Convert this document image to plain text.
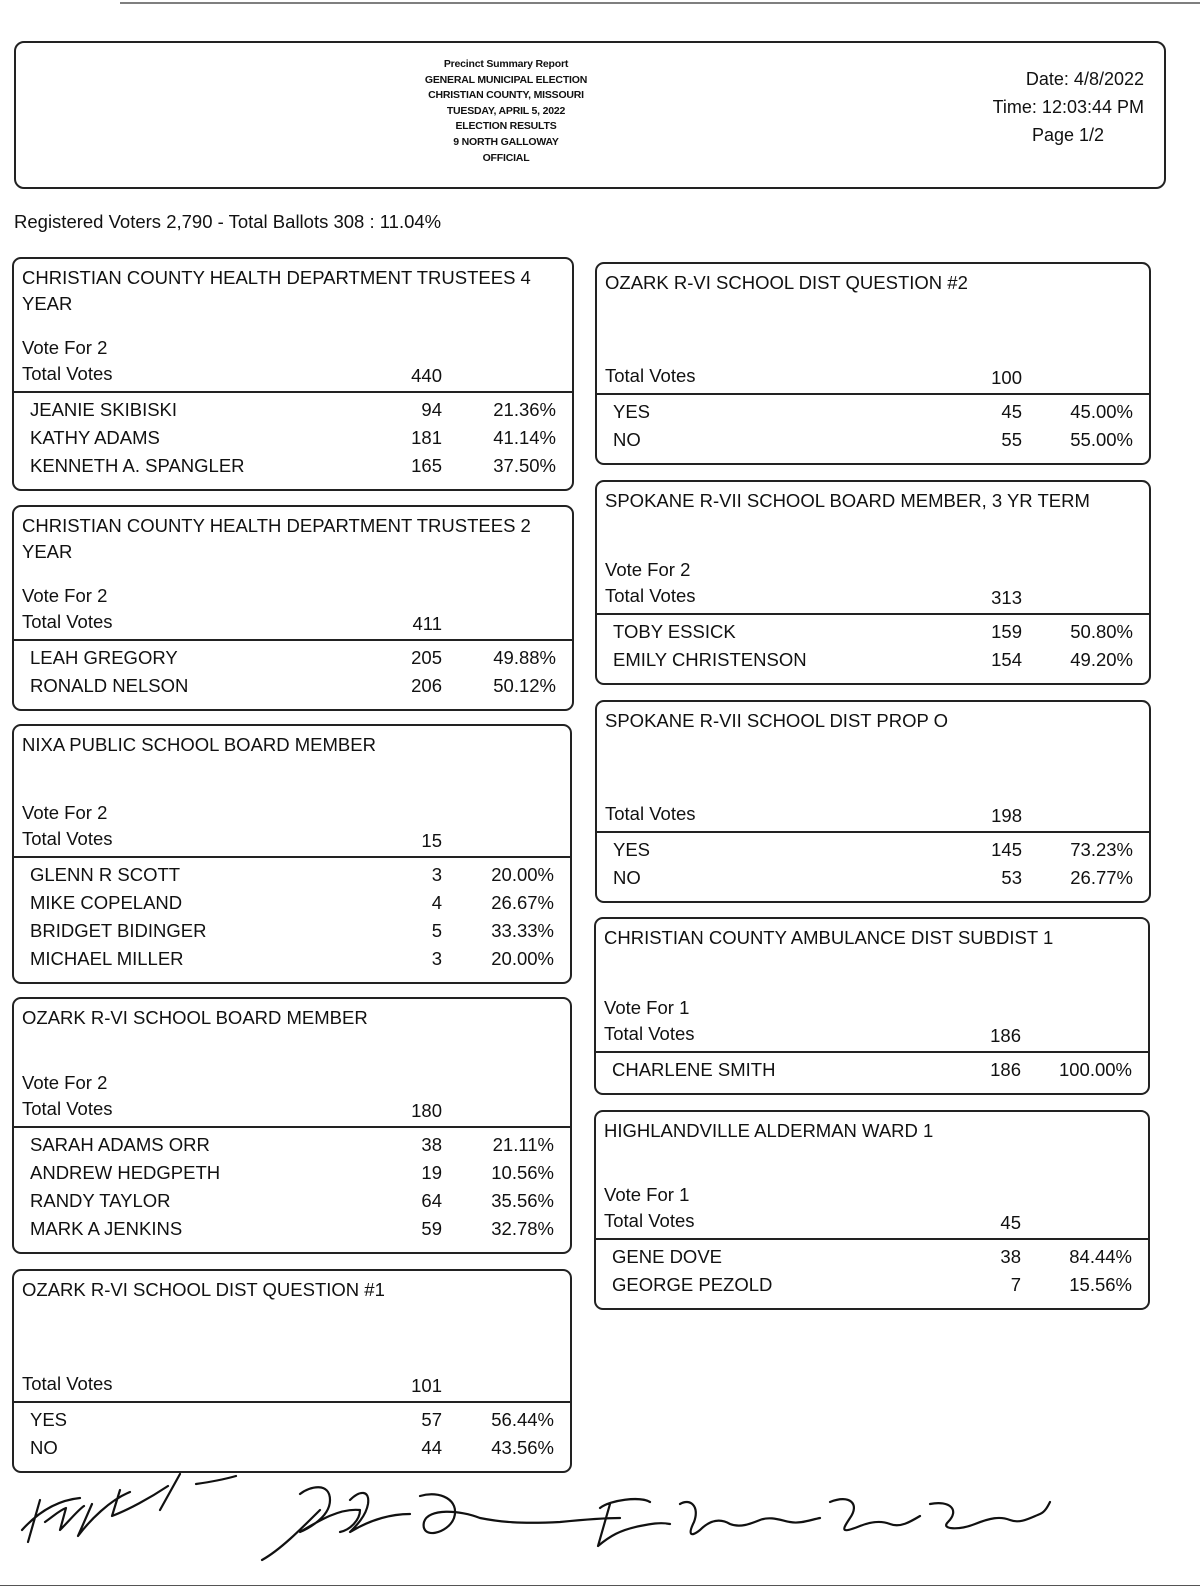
Precinct Summary Report
GENERAL MUNICIPAL ELECTION
CHRISTIAN COUNTY, MISSOURI
TUESDAY, APRIL 5, 2022
ELECTION RESULTS
9 NORTH GALLOWAY
OFFICIAL
Date: 4/8/2022
Time: 12:03:44 PM
Page 1/2
Registered Voters 2,790 - Total Ballots 308 : 11.04%
CHRISTIAN COUNTY HEALTH DEPARTMENT TRUSTEES 4 YEAR
Vote For 2
Total Votes	440
JEANIE SKIBISKI	94	21.36%
KATHY ADAMS	181	41.14%
KENNETH A. SPANGLER	165	37.50%
CHRISTIAN COUNTY HEALTH DEPARTMENT TRUSTEES 2 YEAR
Vote For 2
Total Votes	411
LEAH GREGORY	205	49.88%
RONALD NELSON	206	50.12%
NIXA PUBLIC SCHOOL BOARD MEMBER
Vote For 2
Total Votes	15
GLENN R SCOTT	3	20.00%
MIKE COPELAND	4	26.67%
BRIDGET BIDINGER	5	33.33%
MICHAEL MILLER	3	20.00%
OZARK R-VI SCHOOL BOARD MEMBER
Vote For 2
Total Votes	180
SARAH ADAMS ORR	38	21.11%
ANDREW HEDGPETH	19	10.56%
RANDY TAYLOR	64	35.56%
MARK A JENKINS	59	32.78%
OZARK R-VI SCHOOL DIST QUESTION #1
Total Votes	101
YES	57	56.44%
NO	44	43.56%
OZARK R-VI SCHOOL DIST QUESTION #2
Total Votes	100
YES	45	45.00%
NO	55	55.00%
SPOKANE R-VII SCHOOL BOARD MEMBER, 3 YR TERM
Vote For 2
Total Votes	313
TOBY ESSICK	159	50.80%
EMILY CHRISTENSON	154	49.20%
SPOKANE R-VII SCHOOL DIST PROP O
Total Votes	198
YES	145	73.23%
NO	53	26.77%
CHRISTIAN COUNTY AMBULANCE DIST SUBDIST 1
Vote For 1
Total Votes	186
CHARLENE SMITH	186 100.00%
HIGHLANDVILLE ALDERMAN WARD 1
Vote For 1
Total Votes	45
GENE DOVE	38	84.44%
GEORGE PEZOLD	7	15.56%
